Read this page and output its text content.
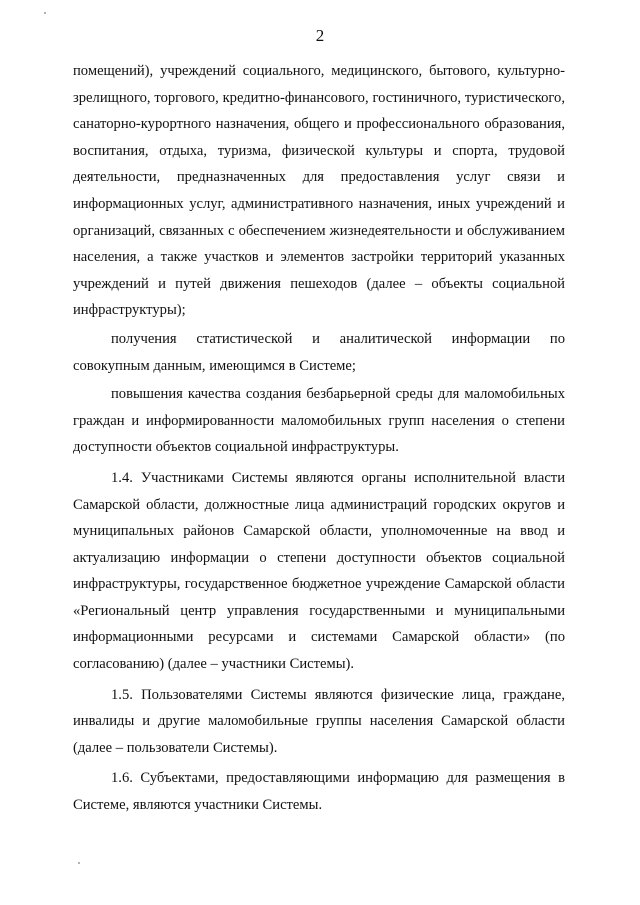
2

помещений), учреждений социального, медицинского, бытового, культурно-зрелищного, торгового, кредитно-финансового, гостиничного, туристического, санаторно-курортного назначения, общего и профессионального образования, воспитания, отдыха, туризма, физической культуры и спорта, трудовой деятельности, предназначенных для предоставления услуг связи и информационных услуг, административного назначения, иных учреждений и организаций, связанных с обеспечением жизнедеятельности и обслуживанием населения, а также участков и элементов застройки территорий указанных учреждений и путей движения пешеходов (далее – объекты социальной инфраструктуры);

получения статистической и аналитической информации по совокупным данным, имеющимся в Системе;

повышения качества создания безбарьерной среды для маломобильных граждан и информированности маломобильных групп населения о степени доступности объектов социальной инфраструктуры.

1.4. Участниками Системы являются органы исполнительной власти Самарской области, должностные лица администраций городских округов и муниципальных районов Самарской области, уполномоченные на ввод и актуализацию информации о степени доступности объектов социальной инфраструктуры, государственное бюджетное учреждение Самарской области «Региональный центр управления государственными и муниципальными информационными ресурсами и системами Самарской области» (по согласованию) (далее – участники Системы).

1.5. Пользователями Системы являются физические лица, граждане, инвалиды и другие маломобильные группы населения Самарской области (далее – пользователи Системы).

1.6. Субъектами, предоставляющими информацию для размещения в Системе, являются участники Системы.
